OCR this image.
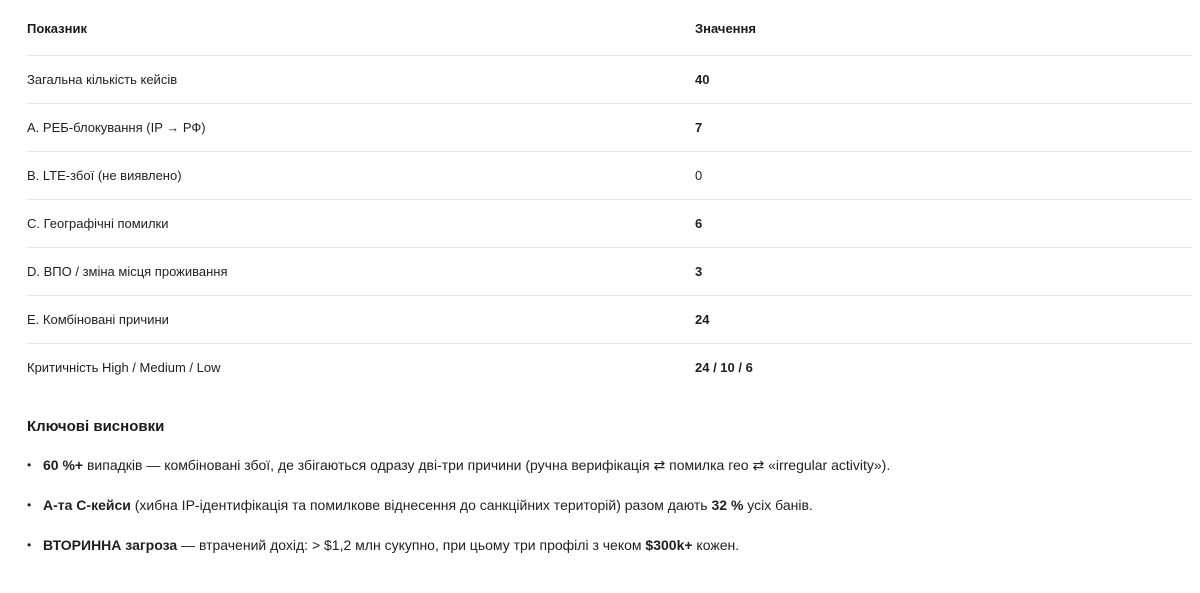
Показник	Значення
Загальна кількість кейсів	40
A. РЕБ-блокування (IP → РФ)	7
B. LTE-збої (не виявлено)	0
C. Географічні помилки	6
D. ВПО / зміна місця проживання	3
E. Комбіновані причини	24
Критичність High / Medium / Low	24 / 10 / 6
Ключові висновки
• 60 %+ випадків — комбіновані збої, де збігаються одразу дві-три причини (ручна верифікація ⇄ помилка гео ⇄ «irregular activity»).
• A-та C-кейси (хибна IP-ідентифікація та помилкове віднесення до санкційних територій) разом дають 32 % усіх банів.
• ВТОРИННА загроза — втрачений дохід: > $1,2 млн сукупно, при цьому три профілі з чеком $300k+ кожен.
